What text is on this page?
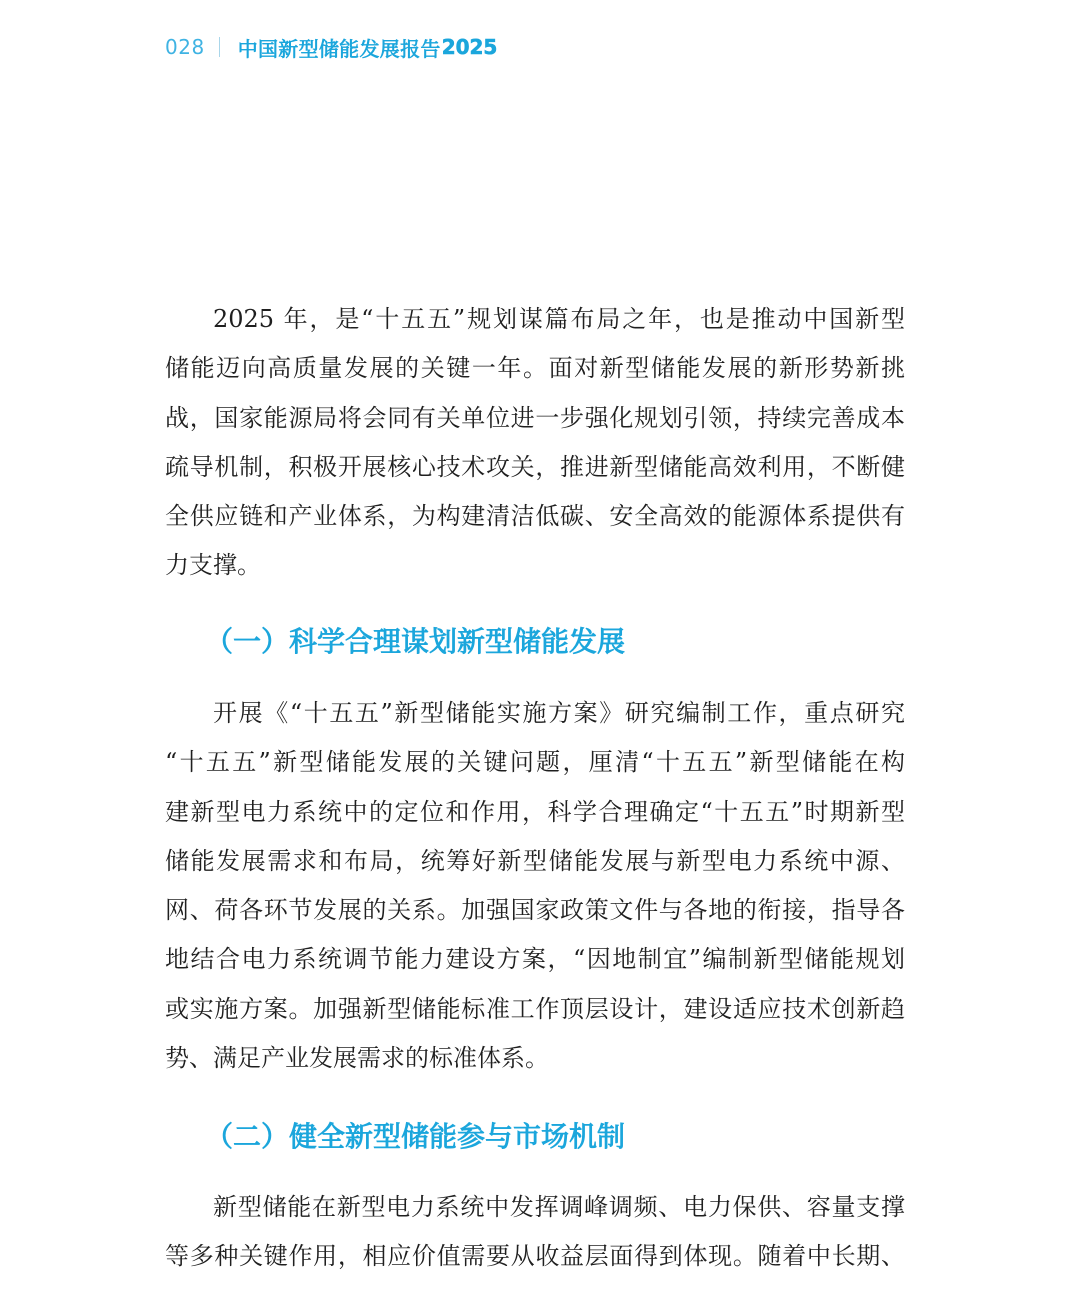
028 中国新型储能发展报告 2025
2025 年，是“十五五”规划谋篇布局之年，也是推动中国新型
储能迈向高质量发展的关键一年。面对新型储能发展的新形势新挑
战，国家能源局将会同有关单位进一步强化规划引领，持续完善成本
疏导机制，积极开展核心技术攻关，推进新型储能高效利用，不断健
全供应链和产业体系，为构建清洁低碳、安全高效的能源体系提供有
力支撑。
（一）科学合理谋划新型储能发展
开展《“十五五”新型储能实施方案》研究编制工作，重点研究
“十五五”新型储能发展的关键问题，厘清“十五五”新型储能在构
建新型电力系统中的定位和作用，科学合理确定“十五五”时期新型
储能发展需求和布局，统筹好新型储能发展与新型电力系统中源、
网、荷各环节发展的关系。加强国家政策文件与各地的衔接，指导各
地结合电力系统调节能力建设方案，“因地制宜”编制新型储能规划
或实施方案。加强新型储能标准工作顶层设计，建设适应技术创新趋
势、满足产业发展需求的标准体系。
（二）健全新型储能参与市场机制
新型储能在新型电力系统中发挥调峰调频、电力保供、容量支撑
等多种关键作用，相应价值需要从收益层面得到体现。随着中长期、
